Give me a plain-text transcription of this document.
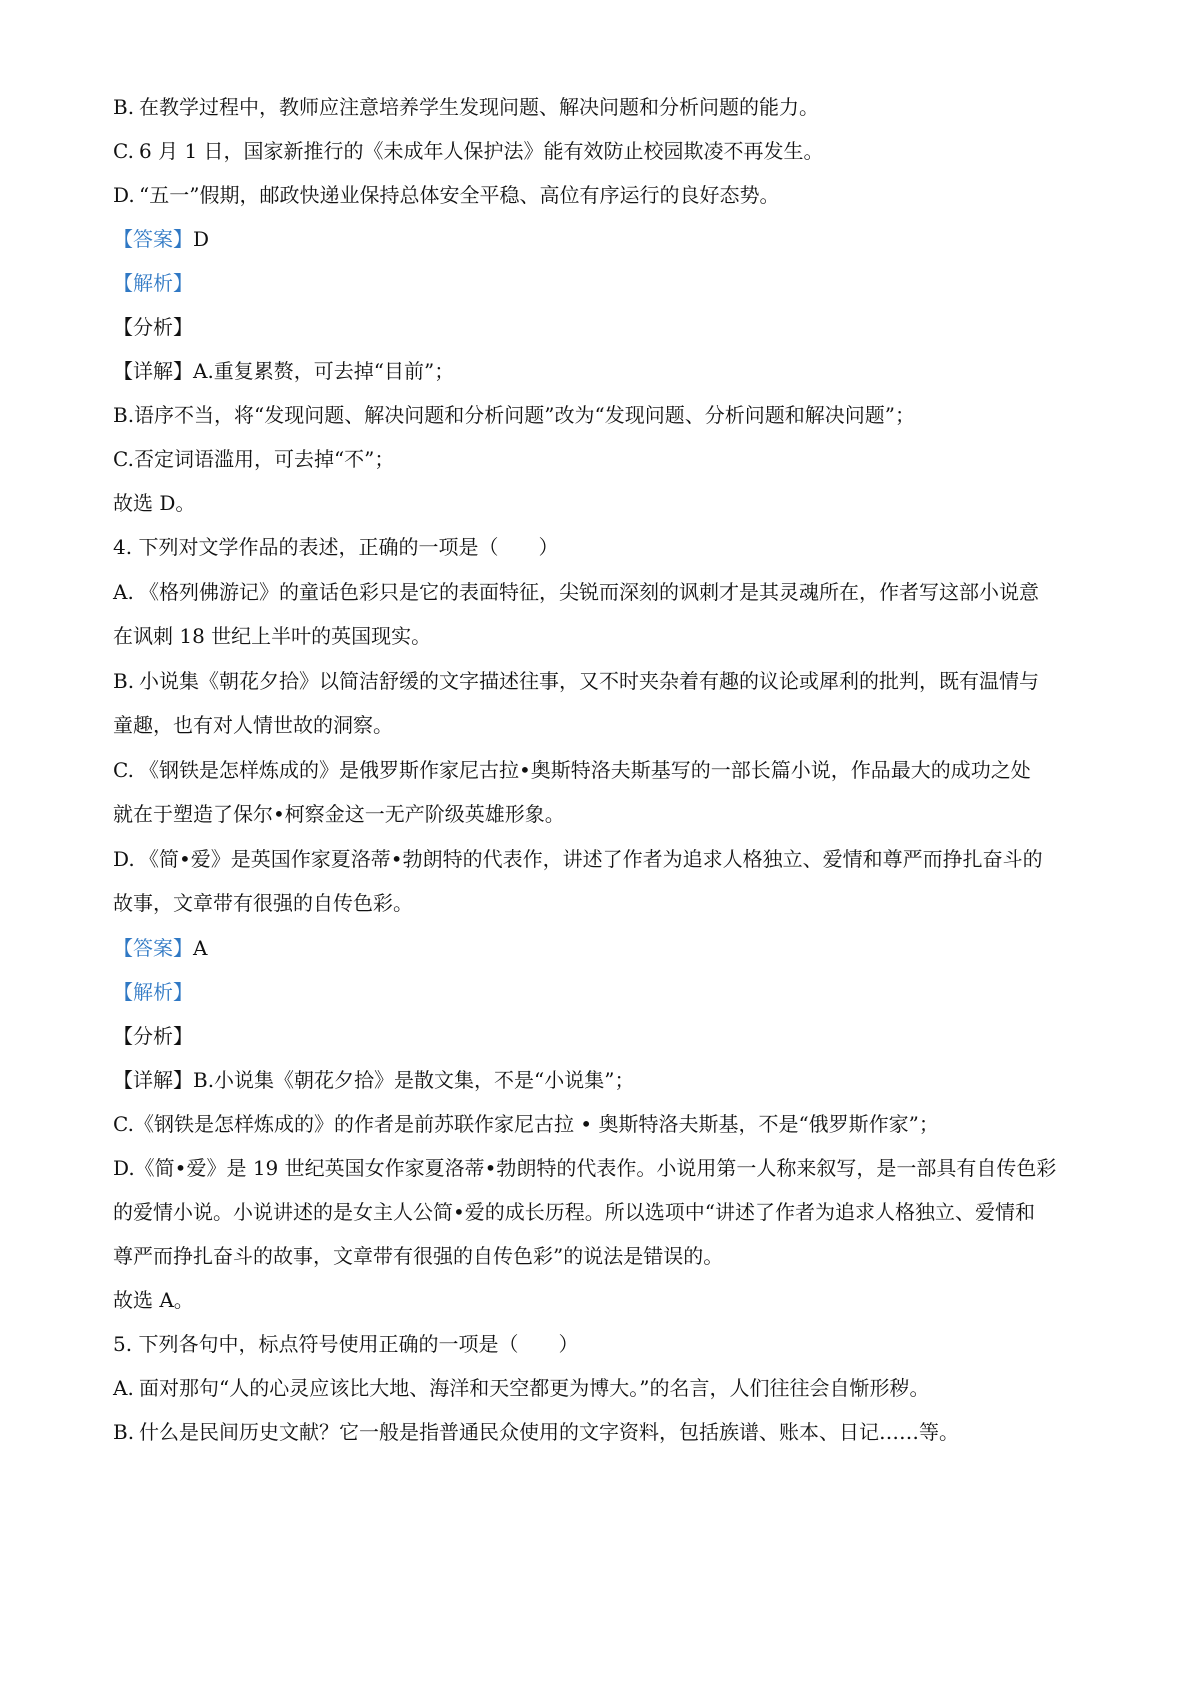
B. 在教学过程中，教师应注意培养学生发现问题、解决问题和分析问题的能力。
C. 6 月 1 日，国家新推行的《未成年人保护法》能有效防止校园欺凌不再发生。
D. “五一”假期，邮政快递业保持总体安全平稳、高位有序运行的良好态势。
【答案】D
【解析】
【分析】
【详解】A.重复累赘，可去掉“目前”；
B.语序不当，将“发现问题、解决问题和分析问题”改为“发现问题、分析问题和解决问题”；
C.否定词语滥用，可去掉“不”；
故选 D。
4. 下列对文学作品的表述，正确的一项是（　　）
A. 《格列佛游记》的童话色彩只是它的表面特征，尖锐而深刻的讽刺才是其灵魂所在，作者写这部小说意
在讽刺 18 世纪上半叶的英国现实。
B. 小说集《朝花夕拾》以简洁舒缓的文字描述往事，又不时夹杂着有趣的议论或犀利的批判，既有温情与
童趣，也有对人情世故的洞察。
C. 《钢铁是怎样炼成的》是俄罗斯作家尼古拉•奥斯特洛夫斯基写的一部长篇小说，作品最大的成功之处
就在于塑造了保尔•柯察金这一无产阶级英雄形象。
D. 《简•爱》是英国作家夏洛蒂•勃朗特的代表作，讲述了作者为追求人格独立、爱情和尊严而挣扎奋斗的
故事，文章带有很强的自传色彩。
【答案】A
【解析】
【分析】
【详解】B.小说集《朝花夕拾》是散文集，不是“小说集”；
C.《钢铁是怎样炼成的》的作者是前苏联作家尼古拉 • 奥斯特洛夫斯基，不是“俄罗斯作家”；
D.《简•爱》是 19 世纪英国女作家夏洛蒂•勃朗特的代表作。小说用第一人称来叙写，是一部具有自传色彩
的爱情小说。小说讲述的是女主人公简•爱的成长历程。所以选项中“讲述了作者为追求人格独立、爱情和
尊严而挣扎奋斗的故事，文章带有很强的自传色彩”的说法是错误的。
故选 A。
5. 下列各句中，标点符号使用正确的一项是（　　）
A. 面对那句“人的心灵应该比大地、海洋和天空都更为博大。”的名言，人们往往会自惭形秽。
B. 什么是民间历史文献？它一般是指普通民众使用的文字资料，包括族谱、账本、日记……等。
